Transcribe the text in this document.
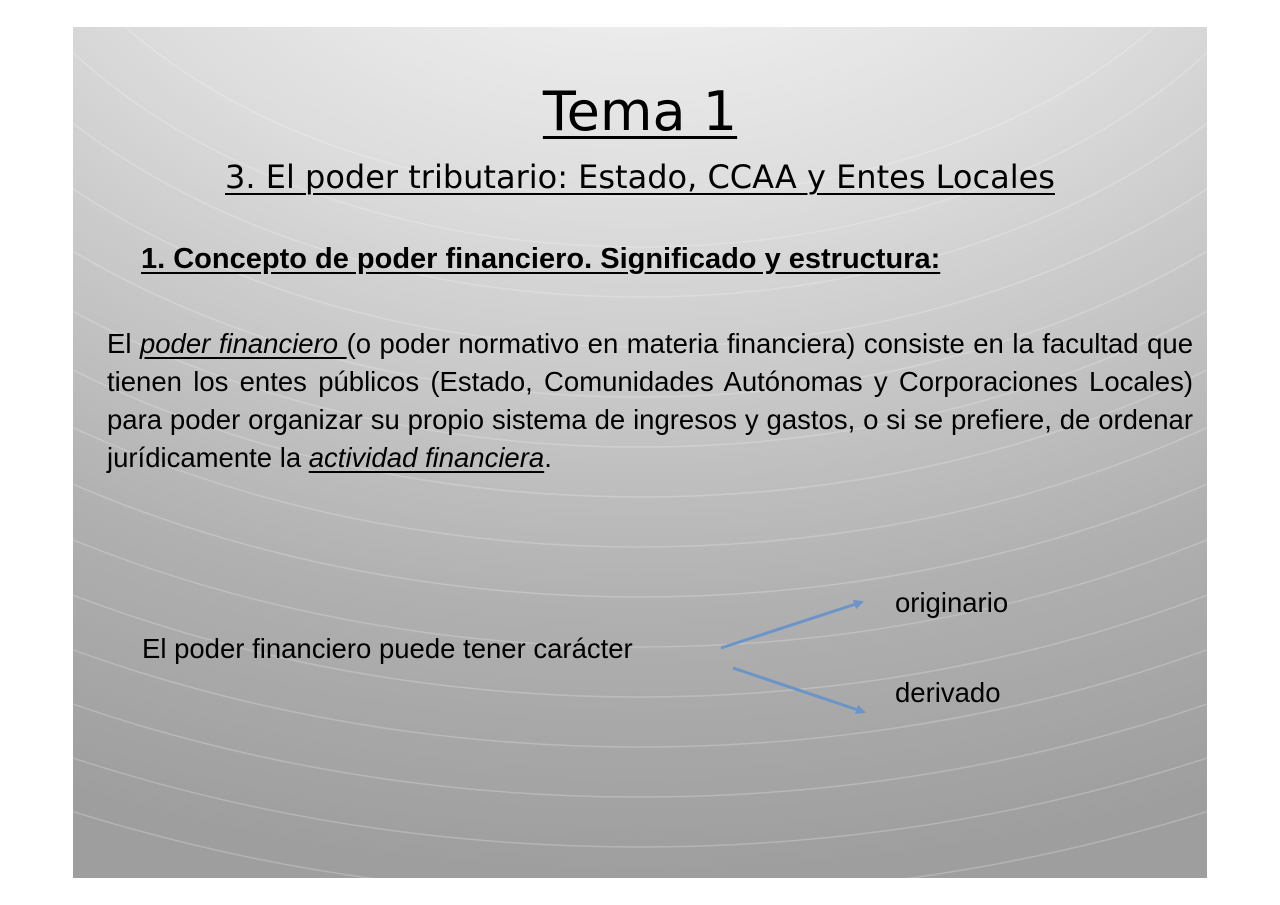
Tema 1
3. El poder tributario: Estado, CCAA y Entes Locales
1. Concepto de poder financiero. Significado y estructura:
El poder financiero (o poder normativo en materia financiera) consiste en la facultad que tienen los entes públicos (Estado, Comunidades Autónomas y Corporaciones Locales) para poder organizar su propio sistema de ingresos y gastos, o si se prefiere, de ordenar jurídicamente la actividad financiera.
El poder financiero puede tener carácter
originario
derivado
